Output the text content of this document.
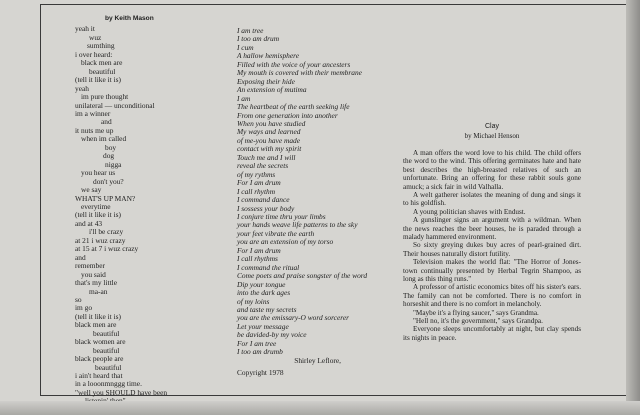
by Keith Mason
yeah it
wuz
sumthing
i over heard:
black men are
beautiful
(tell it like it is)
yeah
im pure thought
unilateral — unconditional
im a winner
and
it nuts me up
when im called
boy
dog
nigga
you hear us
don't you?
we say
WHAT'S UP MAN?
everytime
(tell it like it is)
and at 43
i'll be crazy
at 21 i wuz crazy
at 15 at 7 i wuz crazy
and
remember
you said
that's my little
ma-an
so
im go
(tell it like it is)
black men are
beautiful
black women are
beautiful
black people are
beautiful
i ain't heard that
in a looonmnggg time.
"well you SHOULD have been
I am tree
I too am drum
I cum
A hallow hemisphere
Filled with the voice of your ancesters
My mouth is covered with their membrane
Exposing their hide
An extension of mutima
I am
The heartbeat of the earth seeking life
From one generation into another
When you have studied
My ways and learned
of me-you have made
contact with my spirit
Touch me and I will
reveal the secrets
of my rythms
For I am drum
I call rhythm
I command dance
I sossess your body
I conjure time thru your limbs
your hands weave life patterns to the sky
your feet vibrate the earth
you are an extension of my torso
For I am drum
I call rhythms
I command the ritual
Come poets and praise songster of the word
Dip your tongue
into the dark ages
of my loins
and taste my secrets
you are the emissary-O word sorcerer
Let your message
be davided-by my voice
For I am tree
I too am drumb
Shirley Leflore,
Copyright 1978
Clay
by Michael Henson

A man offers the word love to his child. The child offers the word to the wind. This offering germinates hate and hate best describes the high-breasted relatives of such an unfortunate. Bring an offering for these rabbit souls gone amuck; a sick fair in wild Valhalla.

A welt gatherer isolates the meaning of dung and sings it to his goldfish.

A young politician shaves with Endust.

A gunslinger signs an argument with a wildman. When the news reaches the beer houses, he is paraded through a malady hammered environment.

So sixty greying dukes buy acres of pearl-grained dirt. Their houses naturally distort futility.

Television makes the world flat: "The Horror of Jones-town continually presented by Herbal Tegrin Shampoo, as long as this thing runs."

A professor of artistic economics bites off his sister's ears. The family can not be comforted. There is no comfort in horseshit and there is no comfort in melancholy.

"Maybe it's a flying saucer," says Grandma.

"Hell no, it's the government," says Grandpa.

Everyone sleeps uncomfortably at night, but clay spends its nights in peace.
